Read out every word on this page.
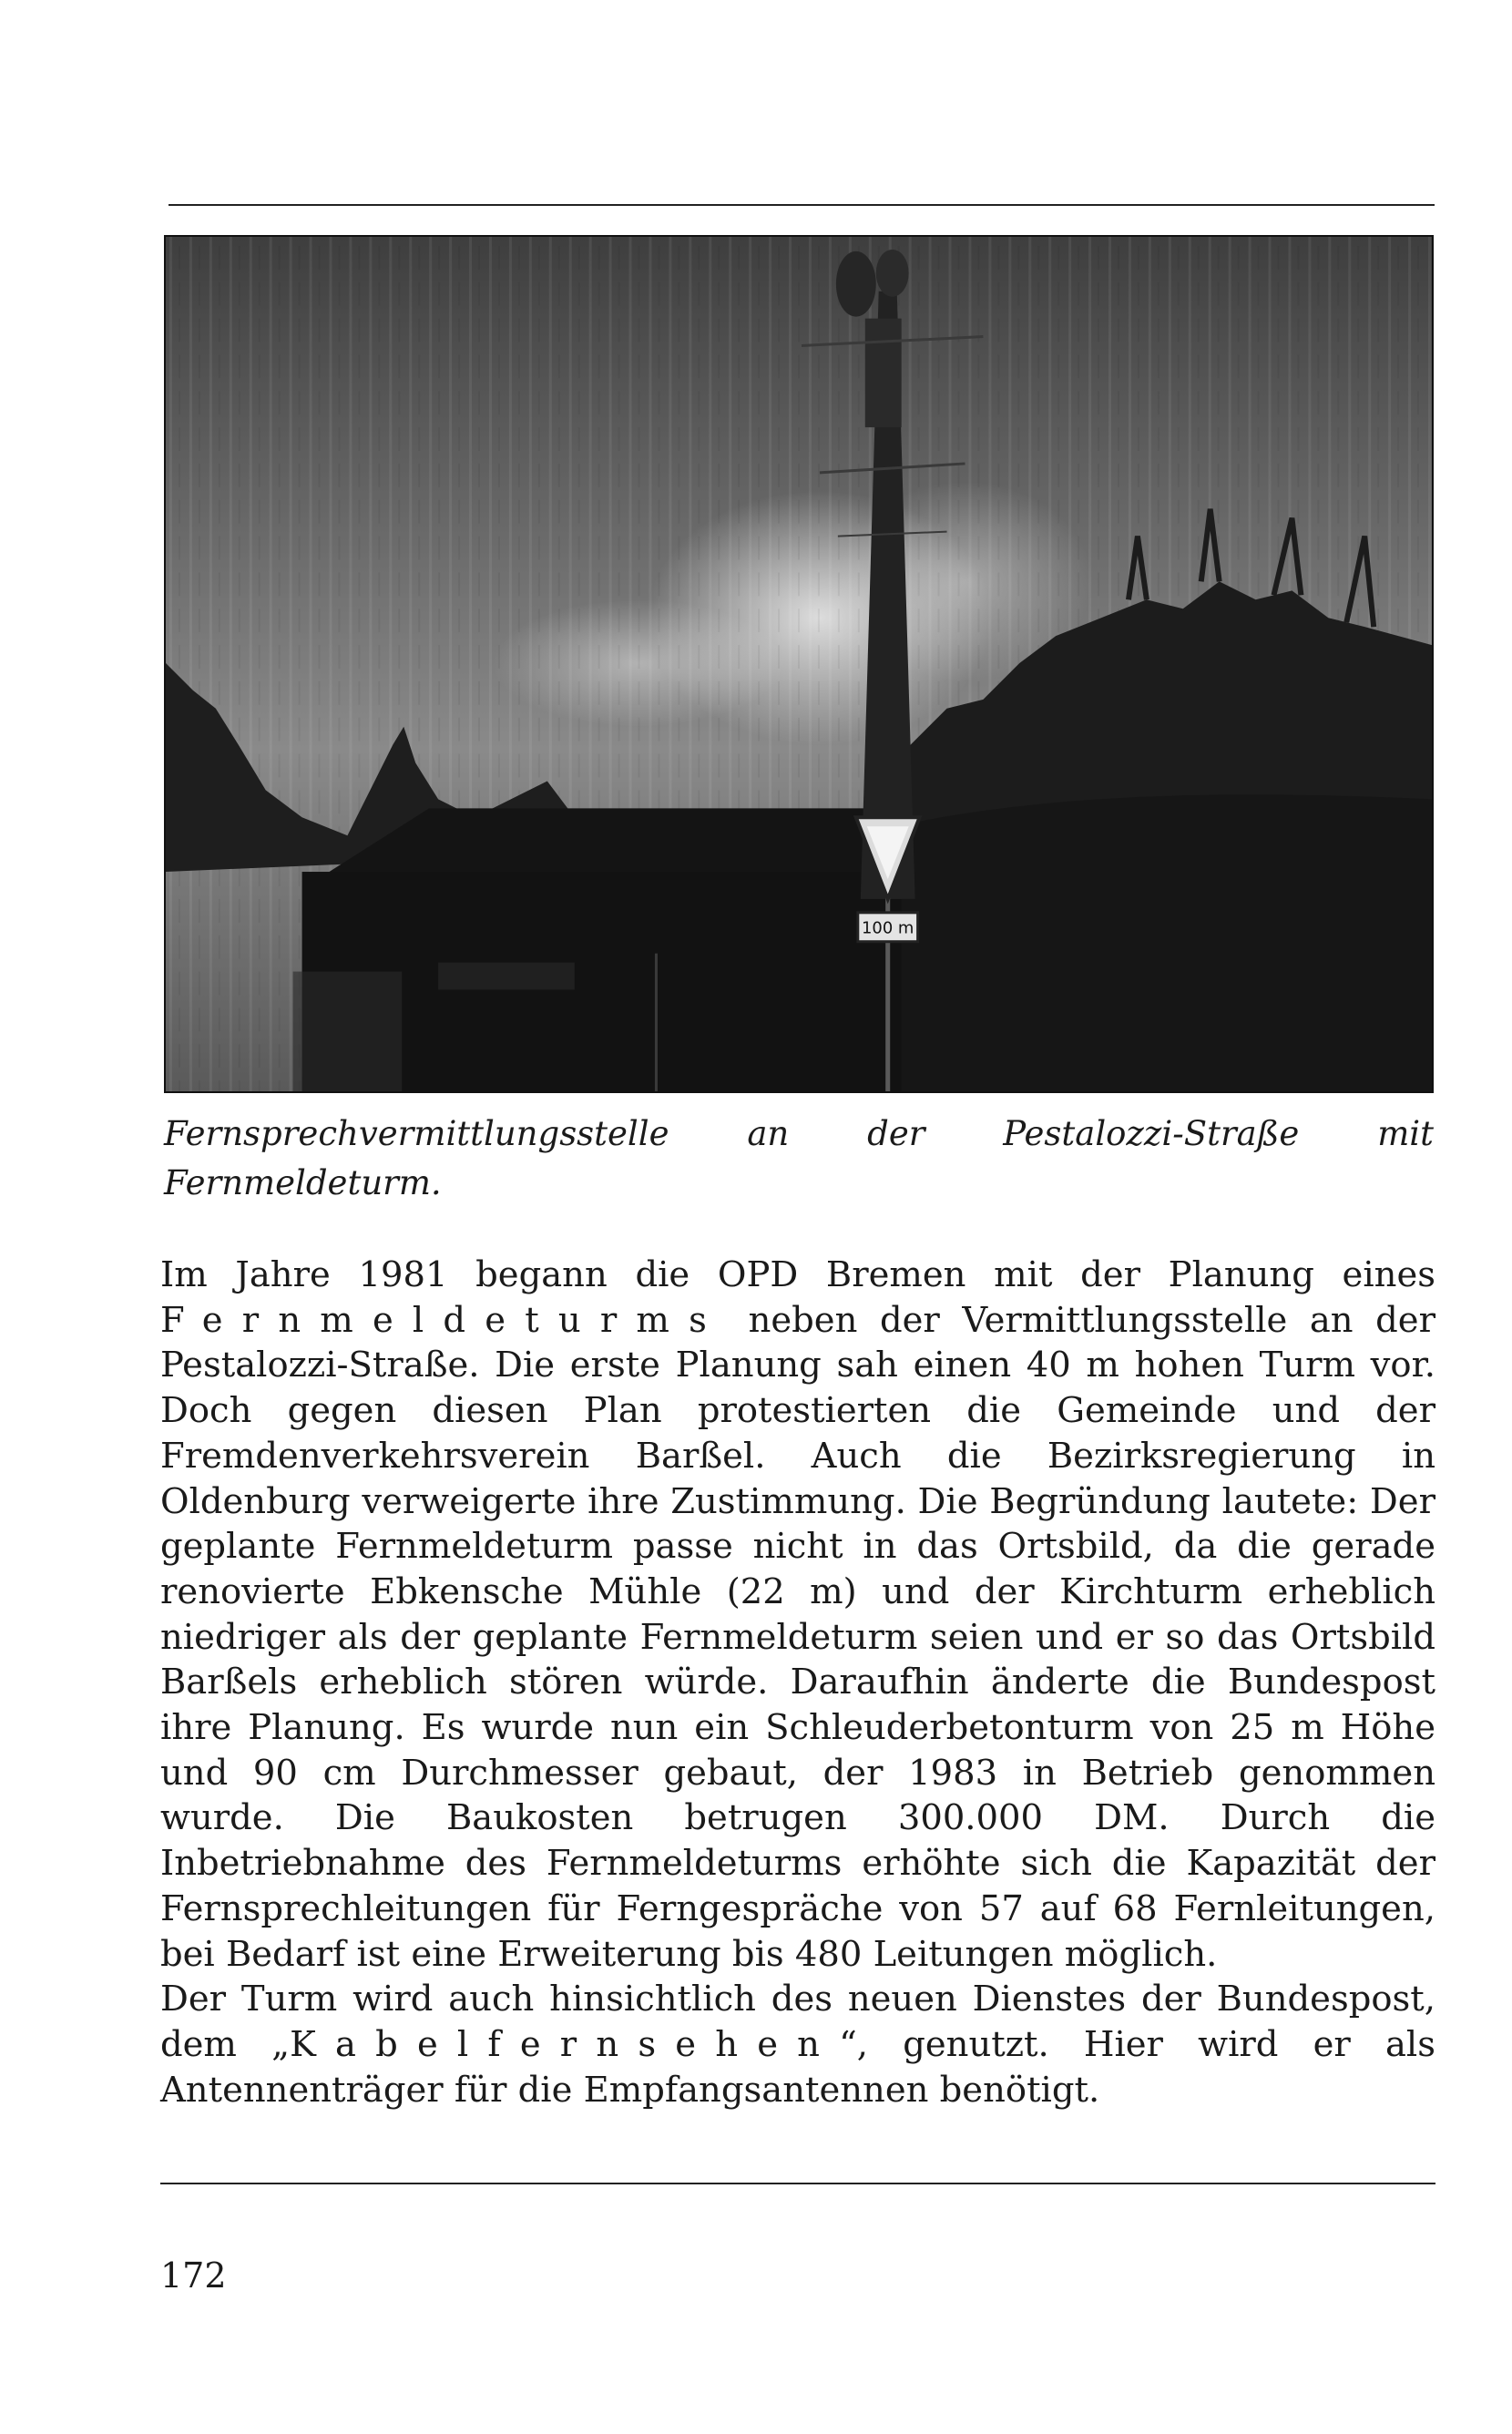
100 m

Fernsprechvermittlungsstelle an der Pestalozzi-Straße mit Fernmeldeturm.

Im Jahre 1981 begann die OPD Bremen mit der Planung eines Fernmeldeturms neben der Vermittlungsstelle an der Pestalozzi-Straße. Die erste Planung sah einen 40 m hohen Turm vor. Doch gegen diesen Plan protestierten die Gemeinde und der Fremdenverkehrsverein Barßel. Auch die Bezirksregierung in Oldenburg verweigerte ihre Zustimmung. Die Begründung lautete: Der geplante Fernmeldeturm passe nicht in das Ortsbild, da die gerade renovierte Ebkensche Mühle (22 m) und der Kirchturm erheblich niedriger als der geplante Fernmeldeturm seien und er so das Ortsbild Barßels erheblich stören würde. Daraufhin änderte die Bundespost ihre Planung. Es wurde nun ein Schleuderbetonturm von 25 m Höhe und 90 cm Durchmesser gebaut, der 1983 in Betrieb genommen wurde. Die Baukosten betrugen 300.000 DM. Durch die Inbetriebnahme des Fernmeldeturms erhöhte sich die Kapazität der Fernsprechleitungen für Ferngespräche von 57 auf 68 Fernleitungen, bei Bedarf ist eine Erweiterung bis 480 Leitungen möglich.

Der Turm wird auch hinsichtlich des neuen Dienstes der Bundespost, dem „Kabelfernsehen“, genutzt. Hier wird er als Antennenträger für die Empfangsantennen benötigt.

172
